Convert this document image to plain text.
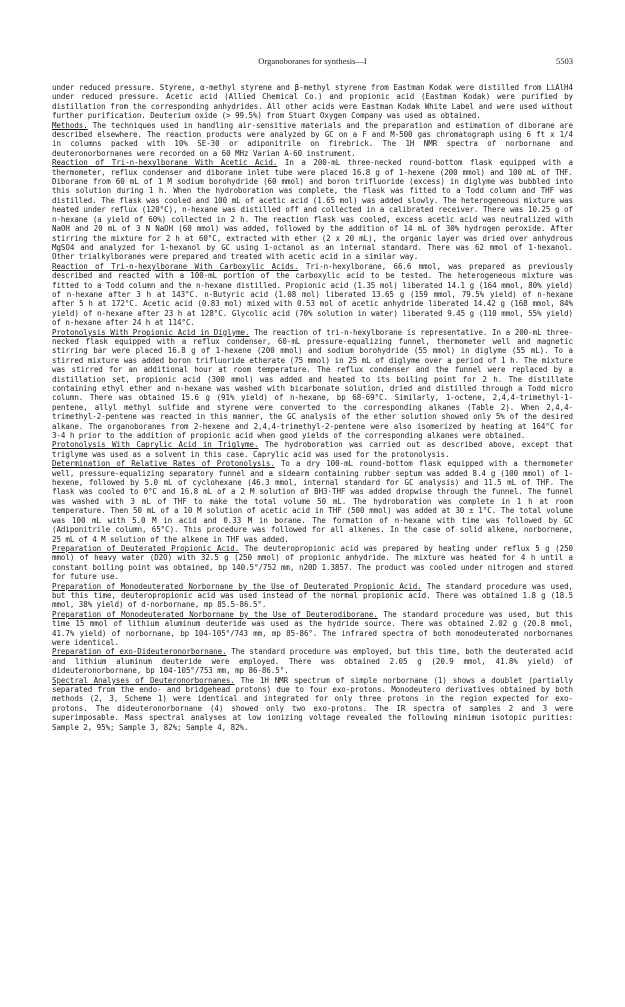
Organoboranes for synthesis—I	5503

under reduced pressure. Styrene, α-methyl styrene and β-methyl styrene from Eastman Kodak were distilled from LiAlH4 under reduced pressure. Acetic acid (Allied Chemical Co.) and propionic acid (Eastman Kodak) were purified by distillation from the corresponding anhydrides. All other acids were Eastman Kodak White Label and were used without further purification. Deuterium oxide (> 99.5%) from Stuart Oxygen Company was used as obtained.

Methods. The techniques used in handling air-sensitive materials and the preparation and estimation of diborane are described elsewhere. The reaction products were analyzed by GC on a F and M-500 gas chromatograph using 6 ft x 1/4 in columns packed with 10% SE-30 or adiponitrile on firebrick. The 1H NMR spectra of norbornane and deuteronorbornanes were recorded on a 60 MHz Varian A-60 instrument.

Reaction of Tri-n-hexylborane With Acetic Acid. In a 200-mL three-necked round-bottom flask equipped with a thermometer, reflux condenser and diborane inlet tube were placed 16.8 g of 1-hexene (200 mmol) and 100 mL of THF. Diborane from 60 mL of 1 M sodium borohydride (60 mmol) and boron trifluoride (excess) in diglyme was bubbled into this solution during 1 h. When the hydroboration was complete, the flask was fitted to a Todd column and THF was distilled. The flask was cooled and 100 mL of acetic acid (1.65 mol) was added slowly. The heterogeneous mixture was heated under reflux (120°C), n-hexane was distilled off and collected in a calibrated receiver. There was 10.25 g of n-hexane (a yield of 60%) collected in 2 h. The reaction flask was cooled, excess acetic acid was neutralized with NaOH and 20 mL of 3 N NaOH (60 mmol) was added, followed by the addition of 14 mL of 30% hydrogen peroxide. After stirring the mixture for 2 h at 60°C, extracted with ether (2 x 20 mL), the organic layer was dried over anhydrous MgSO4 and analyzed for 1-hexanol by GC using 1-octanol as an internal standard. There was 62 mmol of 1-hexanol. Other trialkylboranes were prepared and treated with acetic acid in a similar way.

Reaction of Tri-n-hexylborane With Carboxylic Acids. Tri-n-hexylborane, 66.6 mmol, was prepared as previously described and reacted with a 100-mL portion of the carboxylic acid to be tested. The heterogeneous mixture was fitted to a Todd column and the n-hexane distilled. Propionic acid (1.35 mol) liberated 14.1 g (164 mmol, 80% yield) of n-hexane after 3 h at 143°C. n-Butyric acid (1.08 mol) liberated 13.65 g (159 mmol, 79.5% yield) of n-hexane after 5 h at 172°C. Acetic acid (0.83 mol) mixed with 0.53 mol of acetic anhydride liberated 14.42 g (168 mmol, 84% yield) of n-hexane after 23 h at 128°C. Glycolic acid (70% solution in water) liberated 9.45 g (110 mmol, 55% yield) of n-hexane after 24 h at 114°C.

Protonolysis With Propionic Acid in Diglyme. The reaction of tri-n-hexylborane is representative. In a 200-mL three-necked flask equipped with a reflux condenser, 60-mL pressure-equalizing funnel, thermometer well and magnetic stirring bar were placed 16.8 g of 1-hexene (200 mmol) and sodium borohydride (55 mmol) in diglyme (55 mL). To a stirred mixture was added boron trifluoride etherate (75 mmol) in 25 mL of diglyme over a period of 1 h. The mixture was stirred for an additional hour at room temperature. The reflux condenser and the funnel were replaced by a distillation set, propionic acid (300 mmol) was added and heated to its boiling point for 2 h. The distillate containing ethyl ether and n-hexane was washed with bicarbonate solution, dried and distilled through a Todd micro column. There was obtained 15.6 g (91% yield) of n-hexane, bp 68-69°C. Similarly, 1-octene, 2,4,4-trimethyl-1-pentene, allyl methyl sulfide and styrene were converted to the corresponding alkanes (Table 2). When 2,4,4-trimethyl-2-pentene was reacted in this manner, the GC analysis of the ether solution showed only 5% of the desired alkane. The organoboranes from 2-hexene and 2,4,4-trimethyl-2-pentene were also isomerized by heating at 164°C for 3-4 h prior to the addition of propionic acid when good yields of the corresponding alkanes were obtained.

Protonolysis With Caprylic Acid in Triglyme. The hydroboration was carried out as described above, except that triglyme was used as a solvent in this case. Caprylic acid was used for the protonolysis.

Determination of Relative Rates of Protonolysis. To a dry 100-mL round-bottom flask equipped with a thermometer well, pressure-equalizing separatory funnel and a sidearm containing rubber septum was added 8.4 g (100 mmol) of 1-hexene, followed by 5.0 mL of cyclohexane (46.3 mmol, internal standard for GC analysis) and 11.5 mL of THF. The flask was cooled to 0°C and 16.8 mL of a 2 M solution of BH3·THF was added dropwise through the funnel. The funnel was washed with 3 mL of THF to make the total volume 50 mL. The hydroboration was complete in 1 h at room temperature. Then 50 mL of a 10 M solution of acetic acid in THF (500 mmol) was added at 30 ± 1°C. The total volume was 100 mL with 5.0 M in acid and 0.33 M in borane. The formation of n-hexane with time was followed by GC (Adiponitrile column, 65°C). This procedure was followed for all alkenes. In the case of solid alkene, norbornene, 25 mL of 4 M solution of the alkene in THF was added.

Preparation of Deuterated Propionic Acid. The deuteropropionic acid was prepared by heating under reflux 5 g (250 mmol) of heavy water (D2O) with 32.5 g (250 mmol) of propionic anhydride. The mixture was heated for 4 h until a constant boiling point was obtained, bp 140.5°/752 mm, n20D 1.3857. The product was cooled under nitrogen and stored for future use.

Preparation of Monodeuterated Norbornane by the Use of Deuterated Propionic Acid. The standard procedure was used, but this time, deuteropropionic acid was used instead of the normal propionic acid. There was obtained 1.8 g (18.5 mmol, 38% yield) of d-norbornane, mp 85.5-86.5°.

Preparation of Monodeuterated Norbornane by the Use of Deuterodiborane. The standard procedure was used, but this time 15 mmol of lithium aluminum deuteride was used as the hydride source. There was obtained 2.02 g (20.8 mmol, 41.7% yield) of norbornane, bp 104-105°/743 mm, mp 85-86°. The infrared spectra of both monodeuterated norbornanes were identical.

Preparation of exo-Dideuteronorbornane. The standard procedure was employed, but this time, both the deuterated acid and lithium aluminum deuteride were employed. There was obtained 2.05 g (20.9 mmol, 41.8% yield) of dideuteronorbornane, bp 104-105°/753 mm, mp 86-86.5°.

Spectral Analyses of Deuteronorbornanes. The 1H NMR spectrum of simple norbornane (1) shows a doublet (partially separated from the endo- and bridgehead protons) due to four exo-protons. Monodeutero derivatives obtained by both methods (2, 3, Scheme 1) were identical and integrated for only three protons in the region expected for exo-protons. The dideuteronorbornane (4) showed only two exo-protons. The IR spectra of samples 2 and 3 were superimposable. Mass spectral analyses at low ionizing voltage revealed the following minimum isotopic purities: Sample 2, 95%; Sample 3, 82%; Sample 4, 82%.
